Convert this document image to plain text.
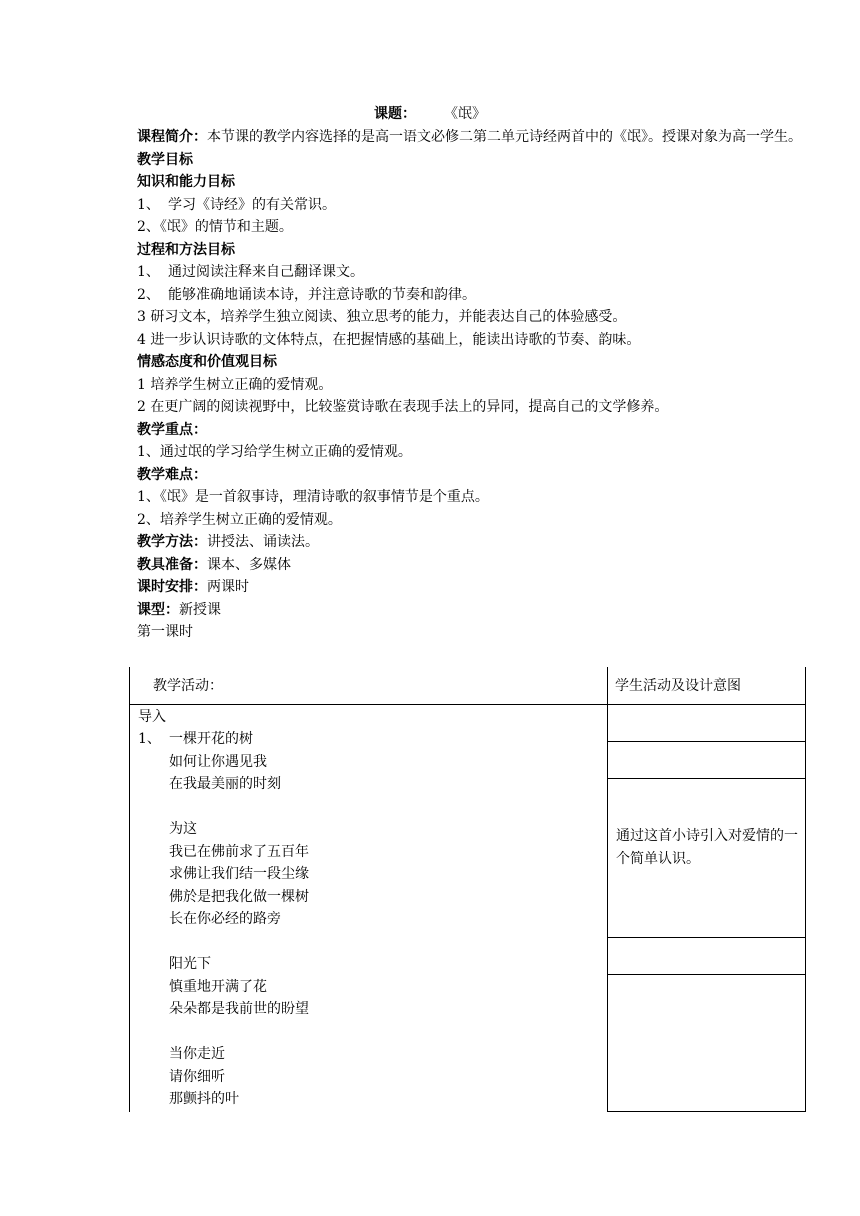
课题： 《氓》
课程简介：本节课的教学内容选择的是高一语文必修二第二单元诗经两首中的《氓》。授课对象为高一学生。
教学目标
知识和能力目标
1、 学习《诗经》的有关常识。
2、《氓》的情节和主题。
过程和方法目标
1、 通过阅读注释来自己翻译课文。
2、 能够准确地诵读本诗，并注意诗歌的节奏和韵律。
3 研习文本，培养学生独立阅读、独立思考的能力，并能表达自己的体验感受。
4 进一步认识诗歌的文体特点，在把握情感的基础上，能读出诗歌的节奏、韵味。
情感态度和价值观目标
1 培养学生树立正确的爱情观。
2 在更广阔的阅读视野中，比较鉴赏诗歌在表现手法上的异同，提高自己的文学修养。
教学重点：
1、通过氓的学习给学生树立正确的爱情观。
教学难点：
1、《氓》是一首叙事诗，理清诗歌的叙事情节是个重点。
2、培养学生树立正确的爱情观。
教学方法：讲授法、诵读法。
教具准备：课本、多媒体
课时安排：两课时
课型：新授课
第一课时
教学活动：	学生活动及设计意图
导入
1、 一棵开花的树
如何让你遇见我
在我最美丽的时刻
为这
我已在佛前求了五百年
求佛让我们结一段尘缘
佛於是把我化做一棵树
长在你必经的路旁
阳光下
慎重地开满了花
朵朵都是我前世的盼望
当你走近
请你细听
那颤抖的叶
通过这首小诗引入对爱情的一个简单认识。
